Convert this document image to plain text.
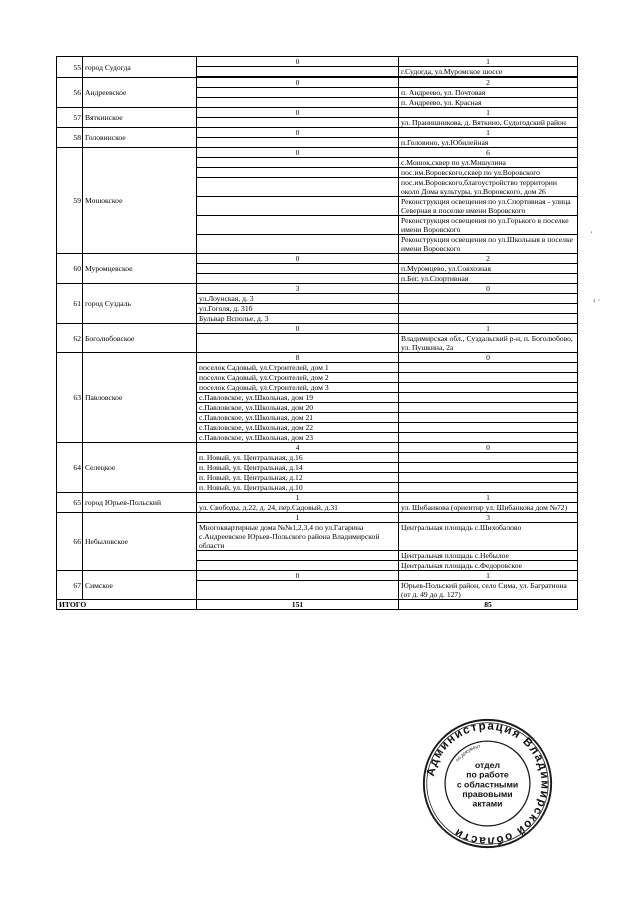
55	город Судогда	0	1
			г.Судогда, ул.Муромское шоссе

56	Андреевское	0	2
			п. Андреево, ул. Почтовая
			п. Андреево, ул. Красная
57	Вяткинское	0	1
			ул. Пранишникова, д. Вяткино, Судогодский район
58	Головинское	0	1
			п.Головино, ул.Юбилейная
59	Мошокское	0	6
			с.Мошок,сквер по ул.Мишулина
			пос.им.Воровского,сквер по ул.Воровского
			пос.им.Воровского,благоустройство территории около Дома культуры, ул.Воровского, дом 26
			Реконструкция освещения по ул.Спортивная - улица Северная в поселке имени Воровского
			Реконструкция освещения по ул.Горького в поселке имени Воровского
			Реконструкция освещения по ул.Школьная в поселке имени Воровского
60	Муромцевское	0	2
			п.Муромцево, ул.Совхозная
			п.Бег, ул.Спортивная
61	город Суздаль	3	0
		ул.Лоунская, д. 3	
		ул.Гоголя, д. 31б	
		Бульвар Всполье, д. 3	
62	Боголюбовское	0	1
			Владимирская обл., Суздальский р-н, п. Боголюбово, ул. Пушкина, 2а
63	Павловское	8	0
		поселок Садовый, ул.Строителей, дом 1	
		поселок Садовый, ул.Строителей, дом 2	
		поселок Садовый, ул.Строителей, дом 3	
		с.Павловское, ул.Школьная, дом 19	
		с.Павловское, ул.Школьная, дом 20	
		с.Павловское, ул.Школьная, дом 21	
		с.Павловское, ул.Школьная, дом 22	
		с.Павловское, ул.Школьная, дом 23	
64	Селецкое	4	0
		п. Новый, ул. Центральная, д.16	
		п. Новый, ул. Центральная, д.14	
		п. Новый, ул. Центральная, д.12	
		п. Новый, ул. Центральная, д.10	
65	город Юрьев-Польский	1	1
		ул. Свободы, д.22, д. 24, пер.Садовый, д.31	ул. Шибанкова (ориентир ул. Шибанкова дом №72)
66	Небыловское	1	3
		Многоквартирные дома №№1,2,3,4 по ул.Гагарина с.Андреевское Юрьев-Польского района Владимирской области	Центральная площадь с.Шихобалово
			Центральная площадь с.Небылое
			Центральная площадь с.Федоровское
67	Симское	0	1
			Юрьев-Польский район, село Сима, ул. Багратиона (от д. 49 до д. 127)
ИТОГО		151	85
Администрация Владимирской области
по документ
отдел
по работе
с областными
правовыми
актами
‹ ·
'
